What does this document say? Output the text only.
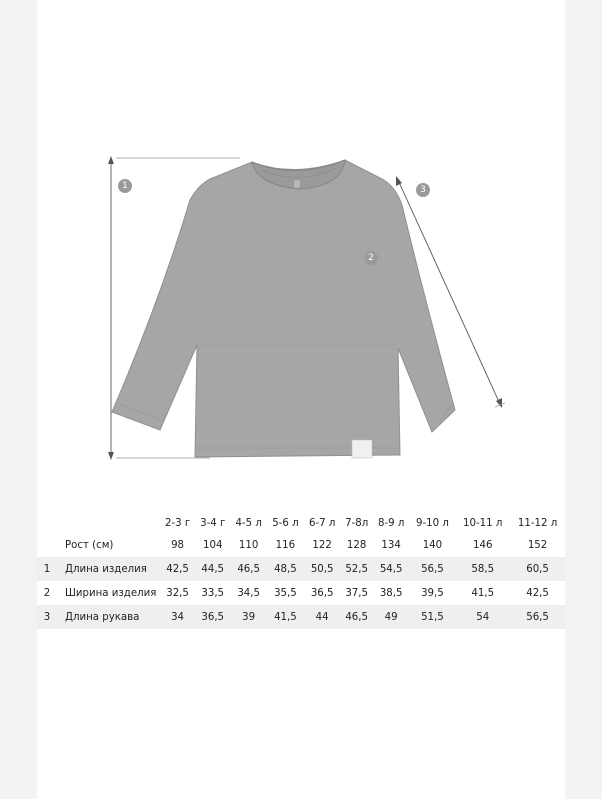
1
2
3
		2-3 г	3-4 г	4-5 л	5-6 л	6-7 л	7-8л	8-9 л	9-10 л	10-11 л	11-12 л
	Рост (см)	98	104	110	116	122	128	134	140	146	152
1	Длина изделия	42,5	44,5	46,5	48,5	50,5	52,5	54,5	56,5	58,5	60,5
2	Ширина изделия	32,5	33,5	34,5	35,5	36,5	37,5	38,5	39,5	41,5	42,5
3	Длина рукава	34	36,5	39	41,5	44	46,5	49	51,5	54	56,5
